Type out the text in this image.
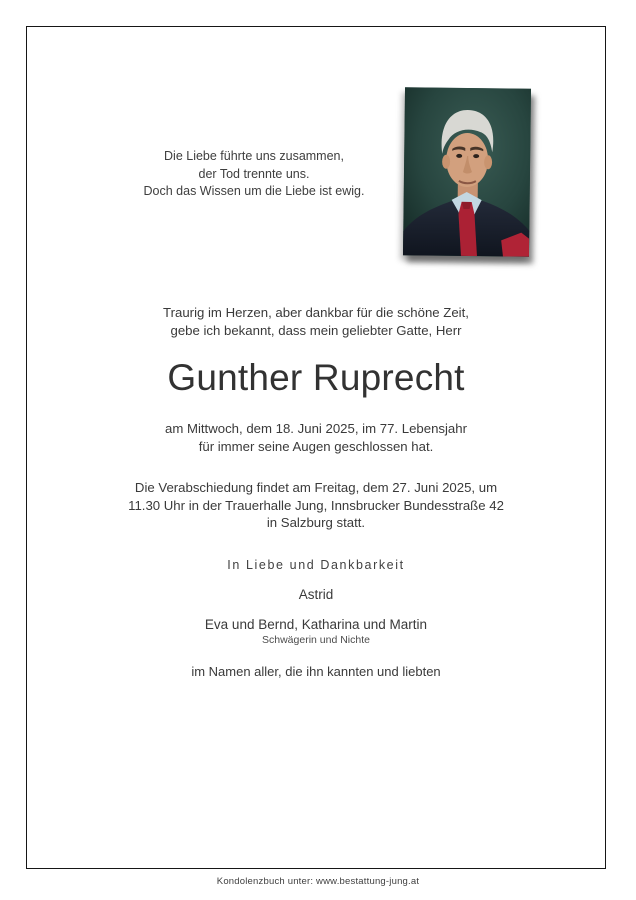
Die Liebe führte uns zusammen,
der Tod trennte uns.
Doch das Wissen um die Liebe ist ewig.
Traurig im Herzen, aber dankbar für die schöne Zeit,
gebe ich bekannt, dass mein geliebter Gatte, Herr
Gunther Ruprecht
am Mittwoch, dem 18. Juni 2025, im 77. Lebensjahr
für immer seine Augen geschlossen hat.
Die Verabschiedung findet am Freitag, dem 27. Juni 2025, um
11.30 Uhr in der Trauerhalle Jung, Innsbrucker Bundesstraße 42
in Salzburg statt.
In Liebe und Dankbarkeit
Astrid
Eva und Bernd, Katharina und Martin
Schwägerin und Nichte
im Namen aller, die ihn kannten und liebten
Kondolenzbuch unter: www.bestattung-jung.at
